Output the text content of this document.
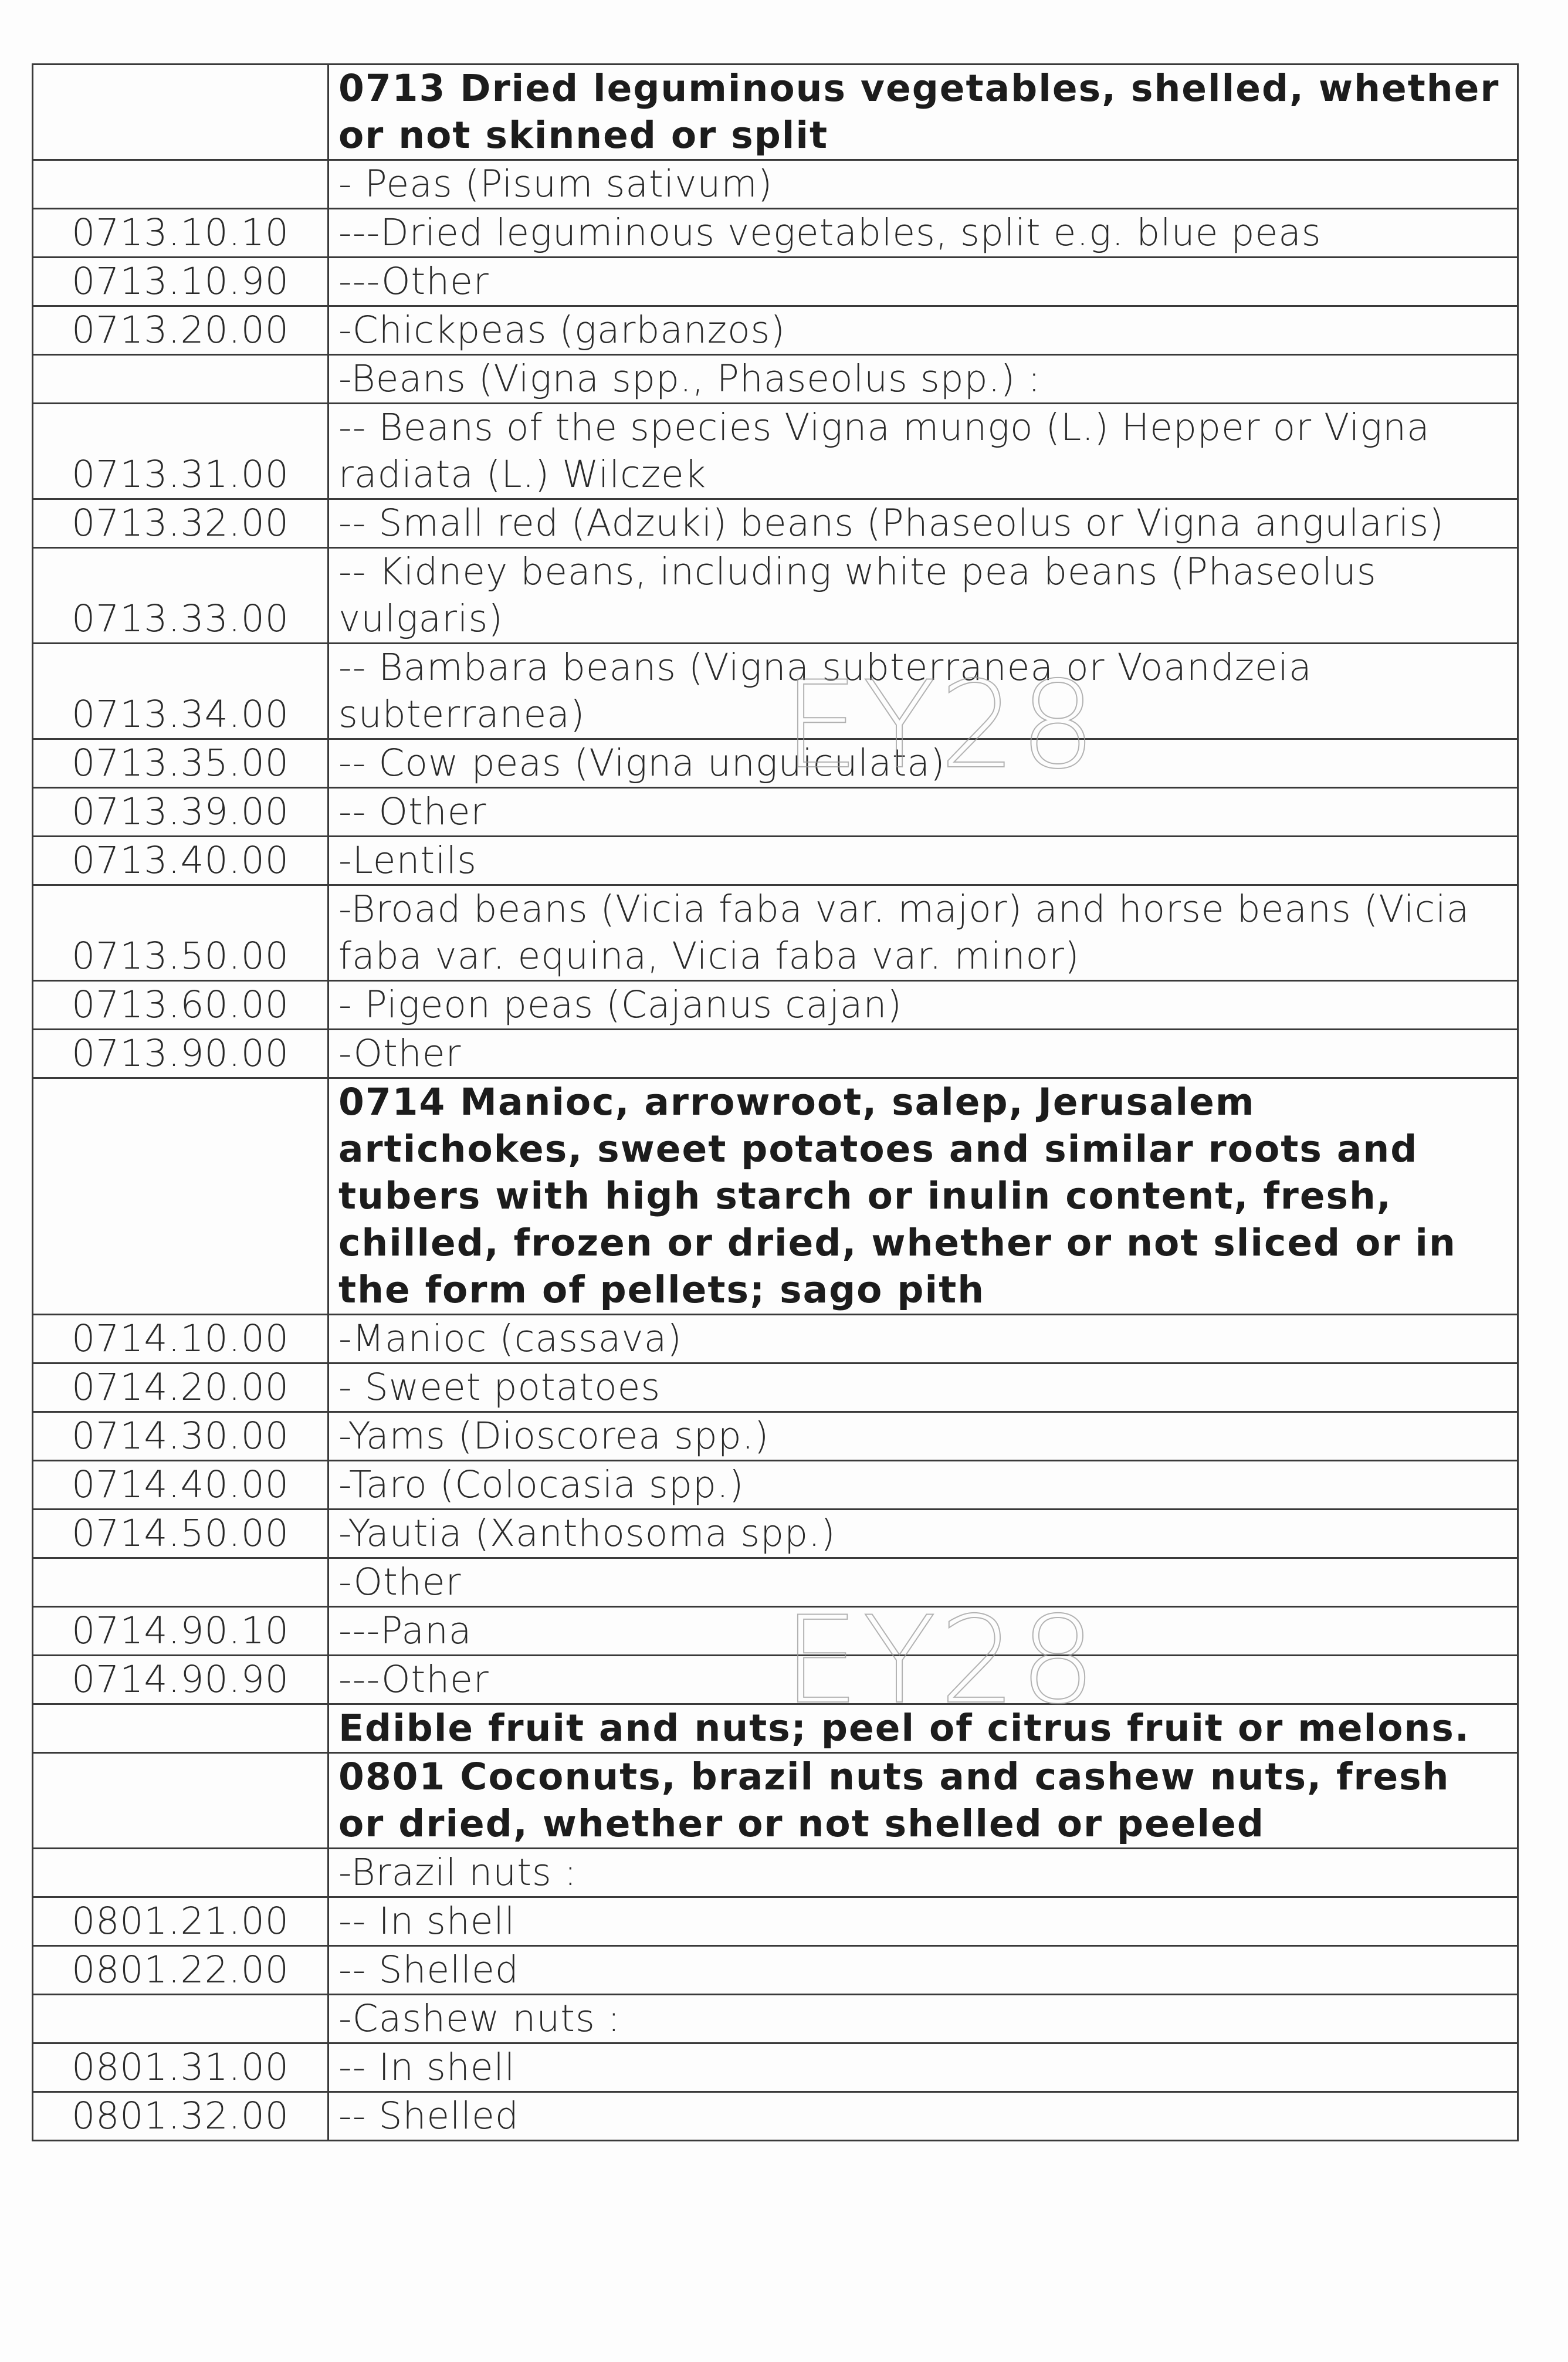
	0713 Dried leguminous vegetables, shelled, whether or not skinned or split
	- Peas (Pisum sativum)
0713.10.10	---Dried leguminous vegetables, split e.g. blue peas
0713.10.90	---Other
0713.20.00	-Chickpeas (garbanzos)
	-Beans (Vigna spp., Phaseolus spp.) :
0713.31.00	-- Beans of the species Vigna mungo (L.) Hepper or Vigna radiata (L.) Wilczek
0713.32.00	-- Small red (Adzuki) beans (Phaseolus or Vigna angularis)
0713.33.00	-- Kidney beans, including white pea beans (Phaseolus vulgaris)
0713.34.00	-- Bambara beans (Vigna subterranea or Voandzeia subterranea)
0713.35.00	-- Cow peas (Vigna unguiculata)
0713.39.00	-- Other
0713.40.00	-Lentils
0713.50.00	-Broad beans (Vicia faba var. major) and horse beans (Vicia faba var. equina, Vicia faba var. minor)
0713.60.00	- Pigeon peas (Cajanus cajan)
0713.90.00	-Other
	0714 Manioc, arrowroot, salep, Jerusalem artichokes, sweet potatoes and similar roots and tubers with high starch or inulin content, fresh, chilled, frozen or dried, whether or not sliced or in the form of pellets; sago pith
0714.10.00	-Manioc (cassava)
0714.20.00	- Sweet potatoes
0714.30.00	-Yams (Dioscorea spp.)
0714.40.00	-Taro (Colocasia spp.)
0714.50.00	-Yautia (Xanthosoma spp.)
	-Other
0714.90.10	---Pana
0714.90.90	---Other
	Edible fruit and nuts; peel of citrus fruit or melons.
	0801 Coconuts, brazil nuts and cashew nuts, fresh or dried, whether or not shelled or peeled
	-Brazil nuts :
0801.21.00	-- In shell
0801.22.00	-- Shelled
	-Cashew nuts :
0801.31.00	-- In shell
0801.32.00	-- Shelled
EY28
EY28
